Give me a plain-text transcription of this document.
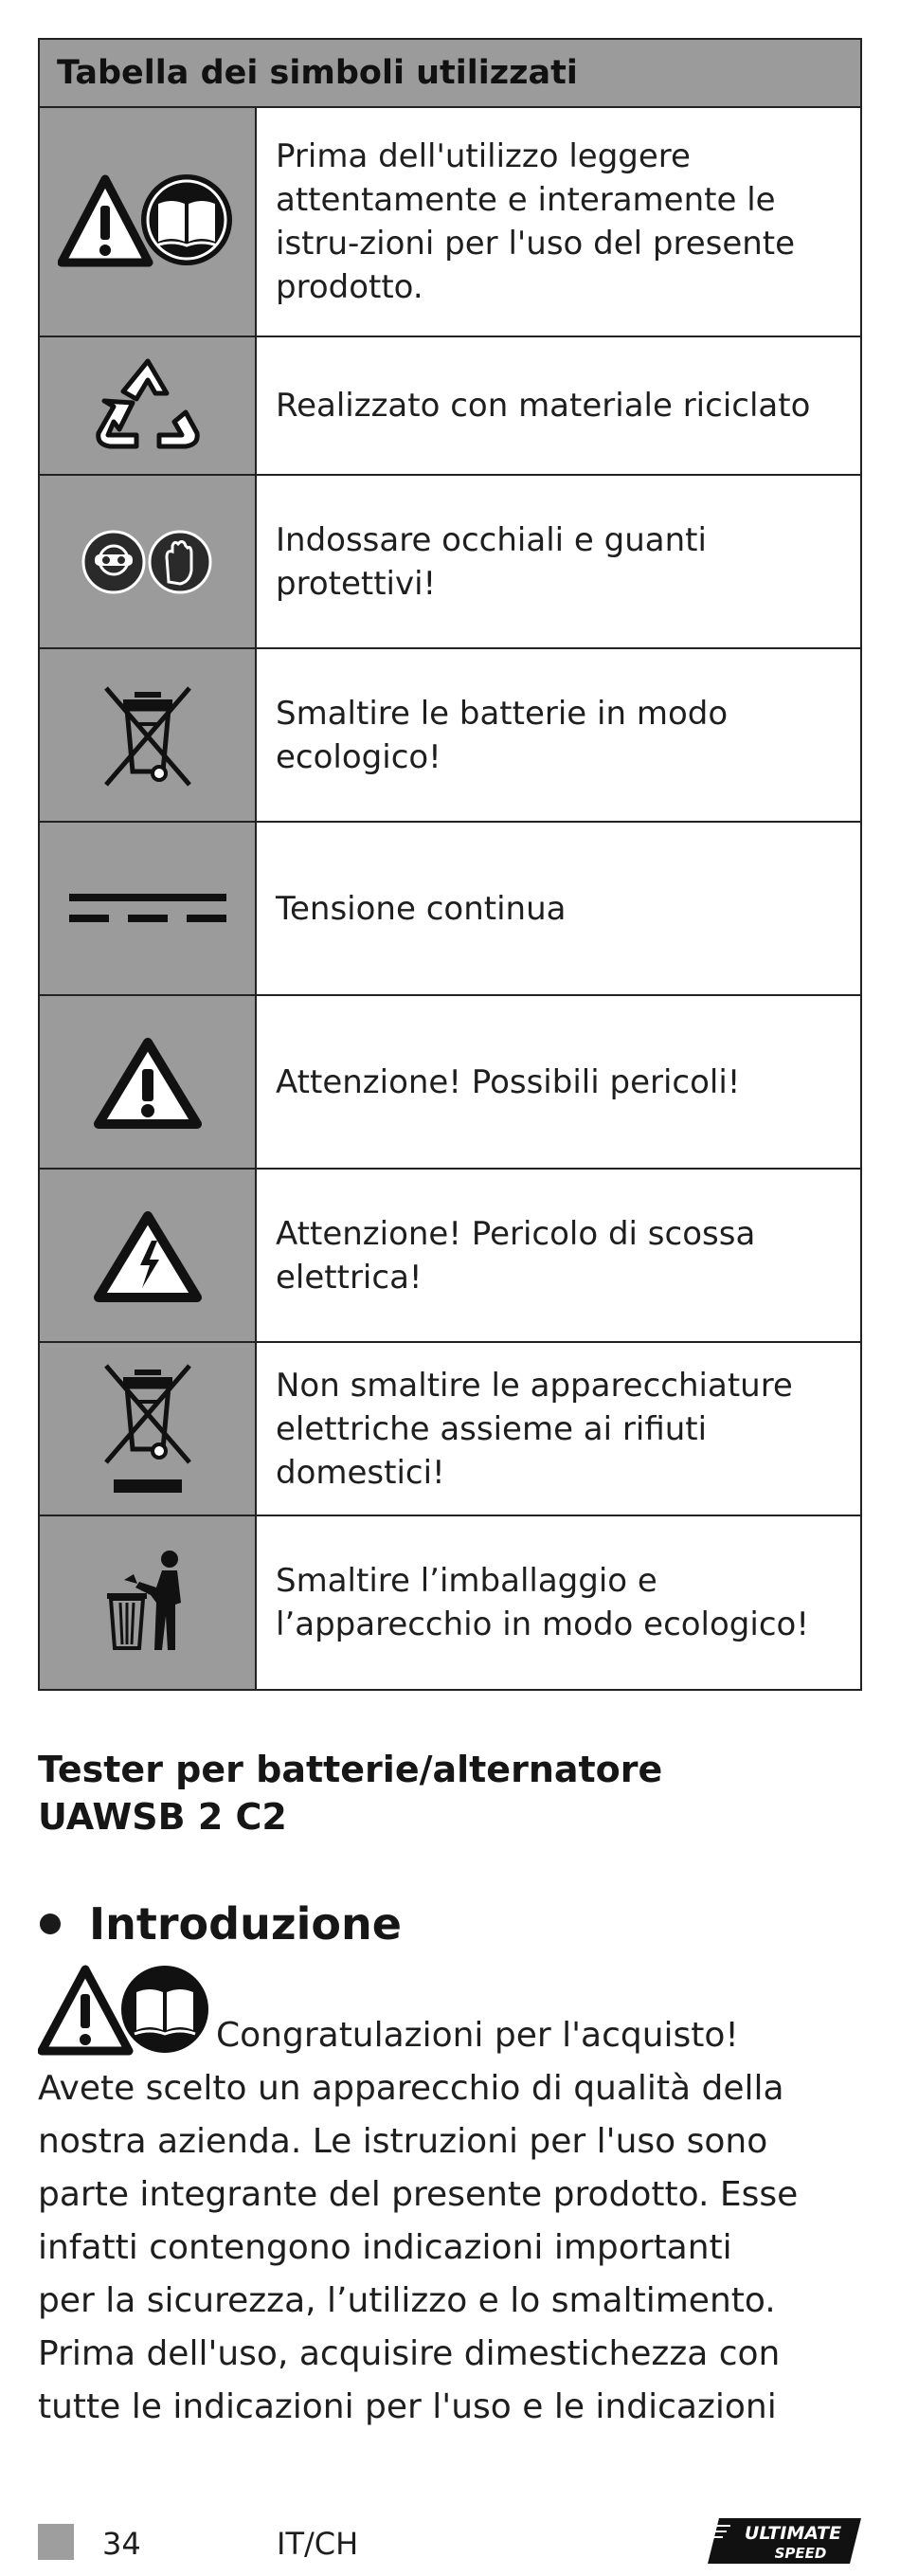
Tabella dei simboli utilizzati
Prima dell'utilizzo leggere attentamente e interamente le istru-zioni per l'uso del presente prodotto.
Realizzato con materiale riciclato
Indossare occhiali e guanti protettivi!
Smaltire le batterie in modo ecologico!
Tensione continua
Attenzione! Possibili pericoli!
Attenzione! Pericolo di scossa elettrica!
Non smaltire le apparecchiature elettriche assieme ai rifiuti domestici!
Smaltire l’imballaggio e l’apparecchio in modo ecologico!
Tester per batterie/alternatore
UAWSB 2 C2
Introduzione
Congratulazioni per l'acquisto!
Avete scelto un apparecchio di qualità della
nostra azienda. Le istruzioni per l'uso sono
parte integrante del presente prodotto. Esse
infatti contengono indicazioni importanti
per la sicurezza, l’utilizzo e lo smaltimento.
Prima dell'uso, acquisire dimestichezza con
tutte le indicazioni per l'uso e le indicazioni
34	IT/CH	ULTIMATE
SPEED
